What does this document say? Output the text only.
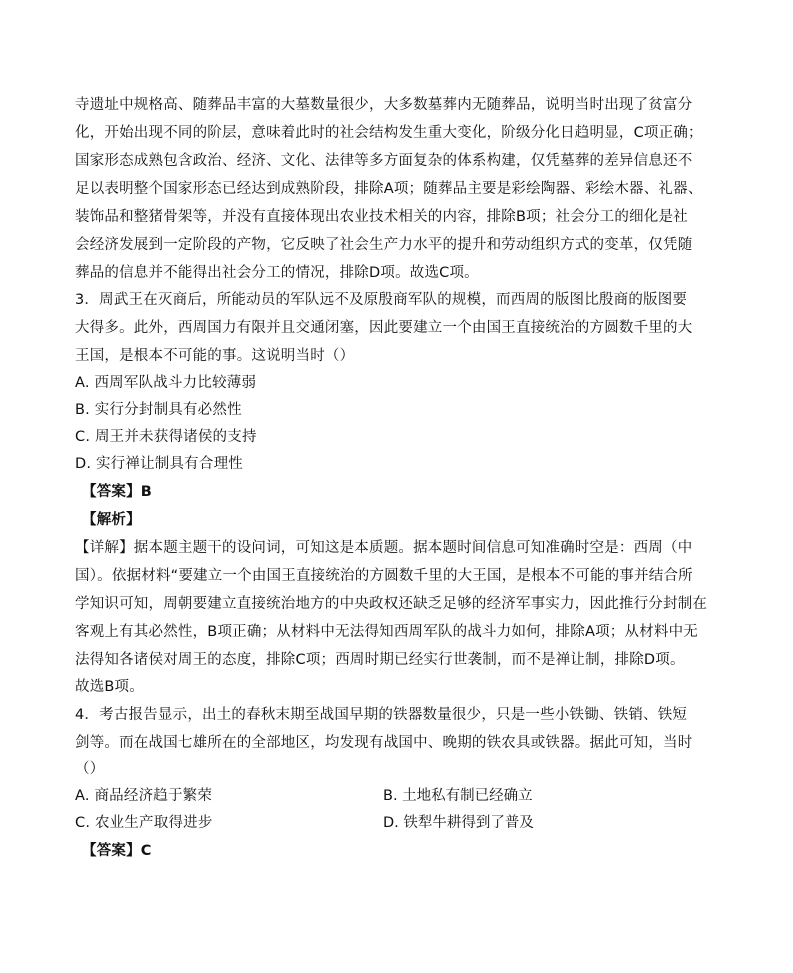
寺遗址中规格高、随葬品丰富的大墓数量很少，大多数墓葬内无随葬品，说明当时出现了贫富分
化，开始出现不同的阶层，意味着此时的社会结构发生重大变化，阶级分化日趋明显，C项正确；
国家形态成熟包含政治、经济、文化、法律等多方面复杂的体系构建，仅凭墓葬的差异信息还不
足以表明整个国家形态已经达到成熟阶段，排除A项；随葬品主要是彩绘陶器、彩绘木器、礼器、
装饰品和整猪骨架等，并没有直接体现出农业技术相关的内容，排除B项；社会分工的细化是社
会经济发展到一定阶段的产物，它反映了社会生产力水平的提升和劳动组织方式的变革，仅凭随
葬品的信息并不能得出社会分工的情况，排除D项。故选C项。
3．周武王在灭商后，所能动员的军队远不及原殷商军队的规模，而西周的版图比殷商的版图要
大得多。此外，西周国力有限并且交通闭塞，因此要建立一个由国王直接统治的方圆数千里的大
王国，是根本不可能的事。这说明当时（）
A. 西周军队战斗力比较薄弱
B. 实行分封制具有必然性
C. 周王并未获得诸侯的支持
D. 实行禅让制具有合理性
【答案】B
【解析】
【详解】据本题主题干的设问词，可知这是本质题。据本题时间信息可知准确时空是：西周（中
国）。依据材料“要建立一个由国王直接统治的方圆数千里的大王国，是根本不可能的事并结合所
学知识可知，周朝要建立直接统治地方的中央政权还缺乏足够的经济军事实力，因此推行分封制在
客观上有其必然性，B项正确；从材料中无法得知西周军队的战斗力如何，排除A项；从材料中无
法得知各诸侯对周王的态度，排除C项；西周时期已经实行世袭制，而不是禅让制，排除D项。
故选B项。
4．考古报告显示，出土的春秋末期至战国早期的铁器数量很少，只是一些小铁锄、铁销、铁短
剑等。而在战国七雄所在的全部地区，均发现有战国中、晚期的铁农具或铁器。据此可知，当时
（）
A. 商品经济趋于繁荣	B. 土地私有制已经确立
C. 农业生产取得进步	D. 铁犁牛耕得到了普及
【答案】C
